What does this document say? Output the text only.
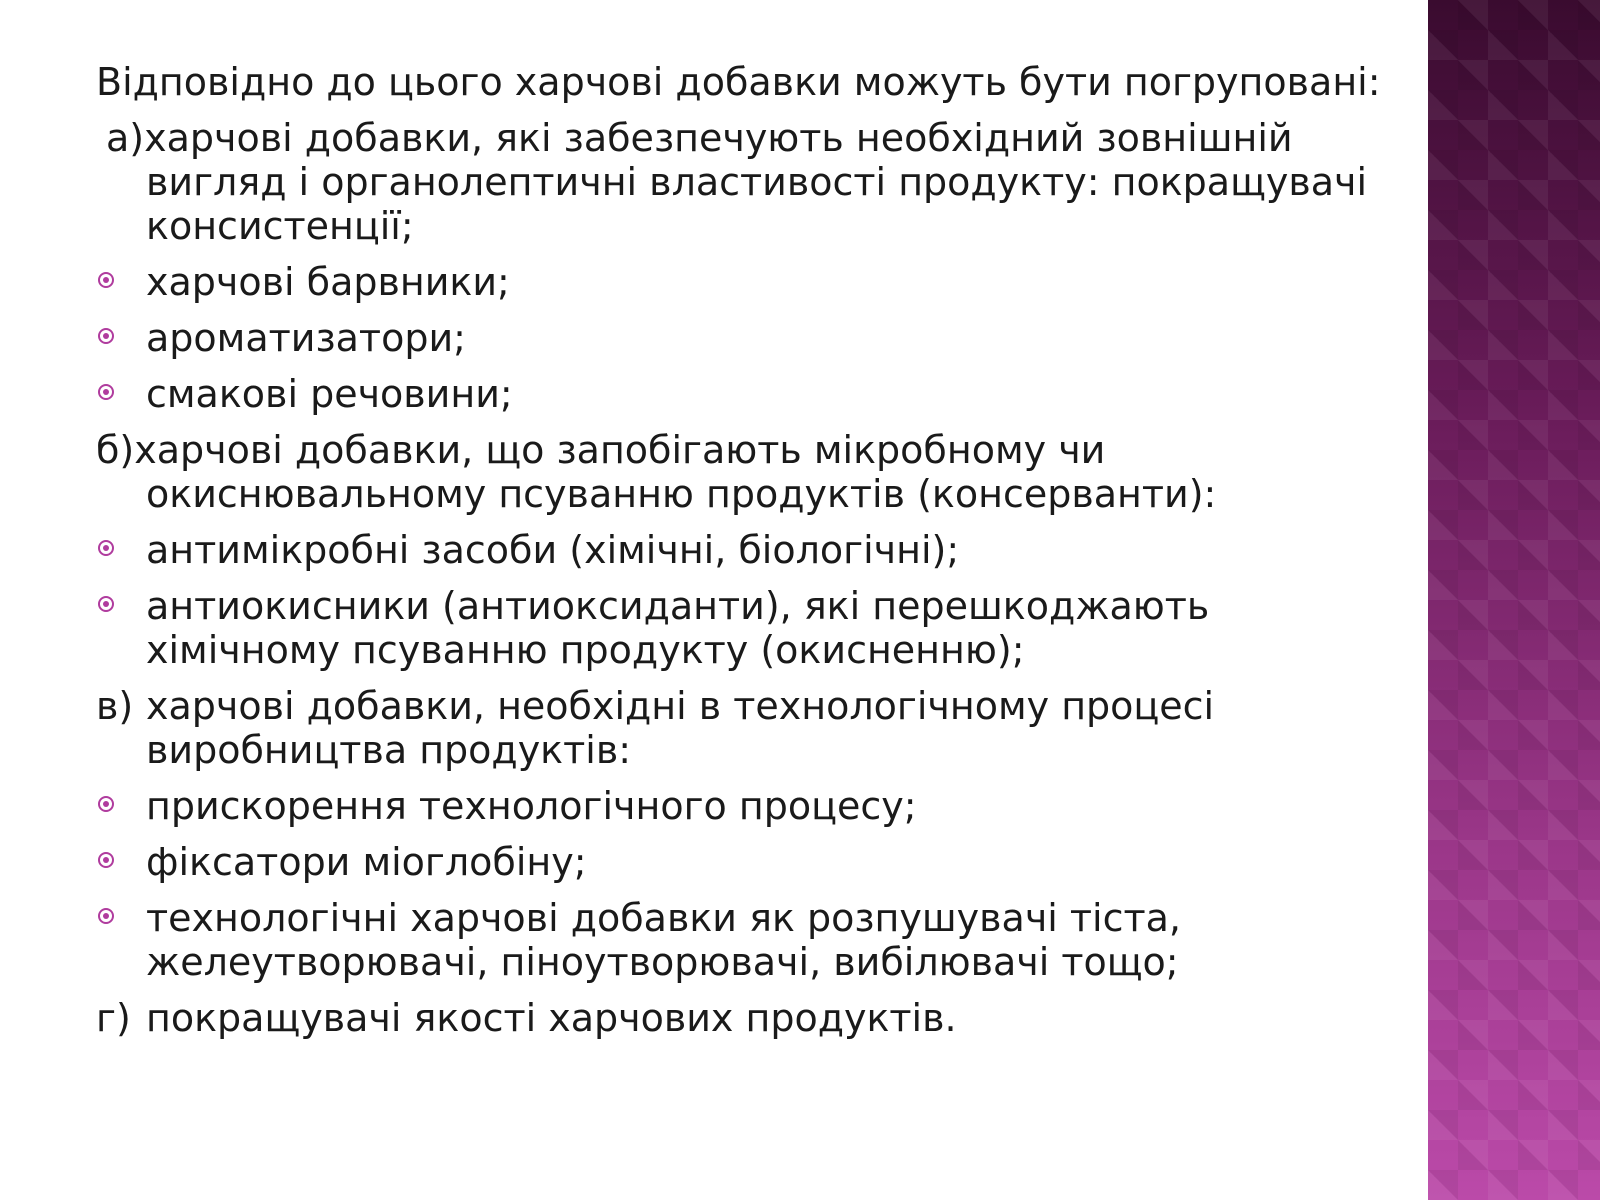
Відповідно до цього харчові добавки можуть бути погруповані:

а)харчові добавки, які забезпечують необхідний зовнішній вигляд і органолептичні властивості продукту: покращувачі консистенції;

харчові барвники;
ароматизатори;
смакові речовини;

б)харчові добавки, що запобігають мікробному чи окиснювальному псуванню продуктів (консерванти):

антимікробні засоби (хімічні, біологічні);
антиокисники (антиоксиданти), які перешкоджають хімічному псуванню продукту (окисненню);
в) харчові добавки, необхідні в технологічному процесі виробництва продуктів:
прискорення технологічного процесу;
фіксатори міоглобіну;
технологічні харчові добавки як розпушувачі тіста, желеутворювачі, піноутворювачі, вибілювачі тощо;
г) покращувачі якості харчових продуктів.
